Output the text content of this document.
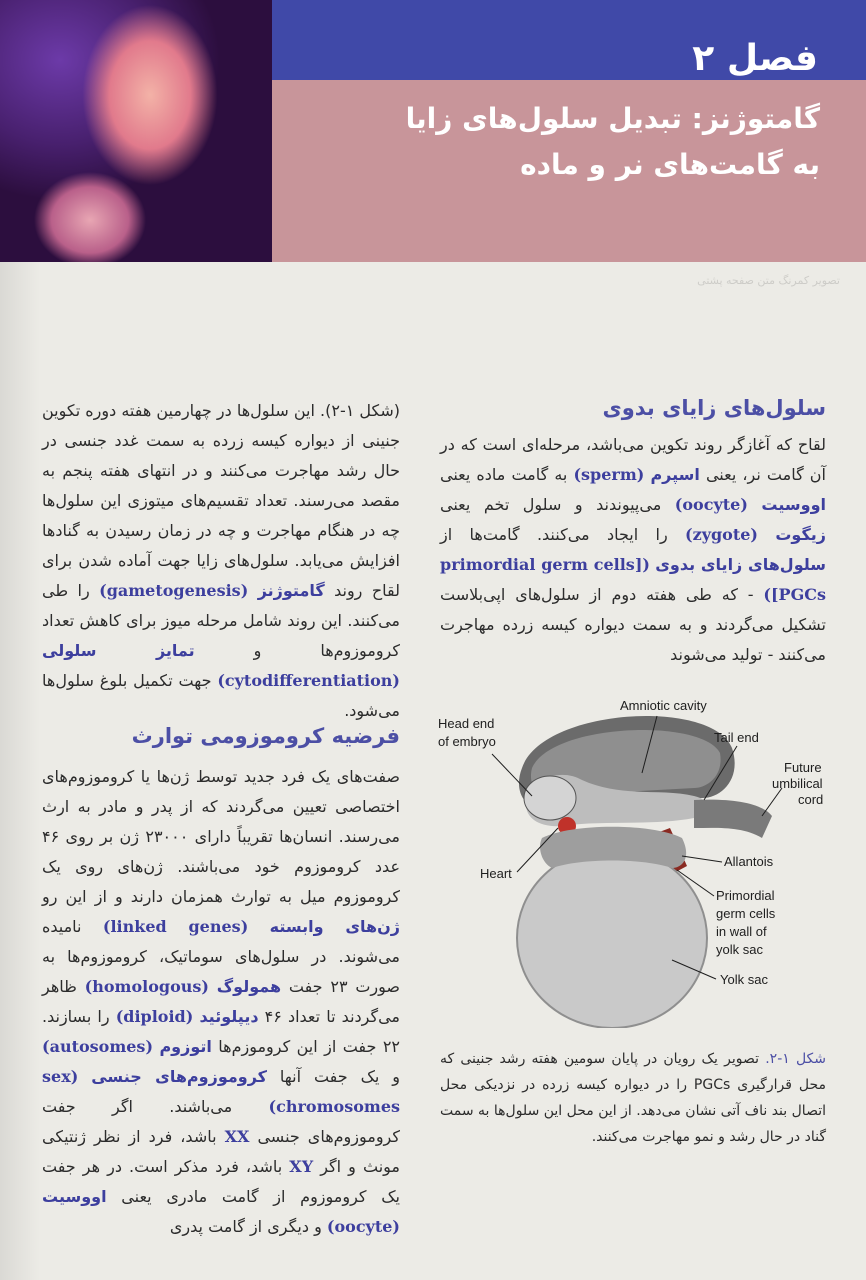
فصل ۲
گامتوژنز: تبدیل سلول‌های زایا
به گامت‌های نر و ماده
تصویر کمرنگ متن صفحه پشتی
سلول‌های زایای بدوی

لقاح که آغازگر روند تکوین می‌باشد، مرحله‌ای است که در آن گامت نر، یعنی اسپرم (sperm) به گامت ماده یعنی اووسیت (oocyte) می‌پیوندند و سلول تخم یعنی زیگوت (zygote) را ایجاد می‌کنند. گامت‌ها از سلول‌های زایای بدوی ([primordial germ cells [PGCs) - که طی هفته دوم از سلول‌های اپی‌بلاست تشکیل می‌گردند و به سمت دیواره کیسه زرده مهاجرت می‌کنند - تولید می‌شوند

(شکل ۱-۲). این سلول‌ها در چهارمین هفته دوره تکوین جنینی از دیواره کیسه زرده به سمت غدد جنسی در حال رشد مهاجرت می‌کنند و در انتهای هفته پنجم به مقصد می‌رسند. تعداد تقسیم‌های میتوزی این سلول‌ها چه در هنگام مهاجرت و چه در زمان رسیدن به گنادها افزایش می‌یابد. سلول‌های زایا جهت آماده شدن برای لقاح روند گامتوژنز (gametogenesis) را طی می‌کنند. این روند شامل مرحله میوز برای کاهش تعداد کروموزوم‌ها و تمایز سلولی (cytodifferentiation) جهت تکمیل بلوغ سلول‌ها می‌شود.

فرضیه کروموزومی توارث

صفت‌های یک فرد جدید توسط ژن‌ها یا کروموزوم‌های اختصاصی تعیین می‌گردند که از پدر و مادر به ارث می‌رسند. انسان‌ها تقریباً دارای ۲۳۰۰۰ ژن بر روی ۴۶ عدد کروموزوم خود می‌باشند. ژن‌های روی یک کروموزوم میل به توارث همزمان دارند و از این رو ژن‌های وابسته (linked genes) نامیده می‌شوند. در سلول‌های سوماتیک، کروموزوم‌ها به صورت ۲۳ جفت همولوگ (homologous) ظاهر می‌گردند تا تعداد ۴۶ دیپلوئید (diploid) را بسازند. ۲۲ جفت از این کروموزم‌ها اتوزوم (autosomes) و یک جفت آنها کروموزوم‌های جنسی (sex chromosomes) می‌باشند. اگر جفت کروموزوم‌های جنسی XX باشد، فرد از نظر ژنتیکی مونث و اگر XY باشد، فرد مذکر است. در هر جفت یک کروموزوم از گامت مادری یعنی اووسیت (oocyte) و دیگری از گامت پدری

Amniotic cavity
Head end
of embryo	Tail end
Future
umbilical
cord
Allantois
Heart
Primordial
germ cells
in wall of
yolk sac
Yolk sac

شکل ۱-۲. تصویر یک رویان در پایان سومین هفته رشد جنینی که محل قرارگیری PGCs را در دیواره کیسه زرده در نزدیکی محل اتصال بند ناف آتی نشان می‌دهد. از این محل این سلول‌ها به سمت گناد در حال رشد و نمو مهاجرت می‌کنند.
